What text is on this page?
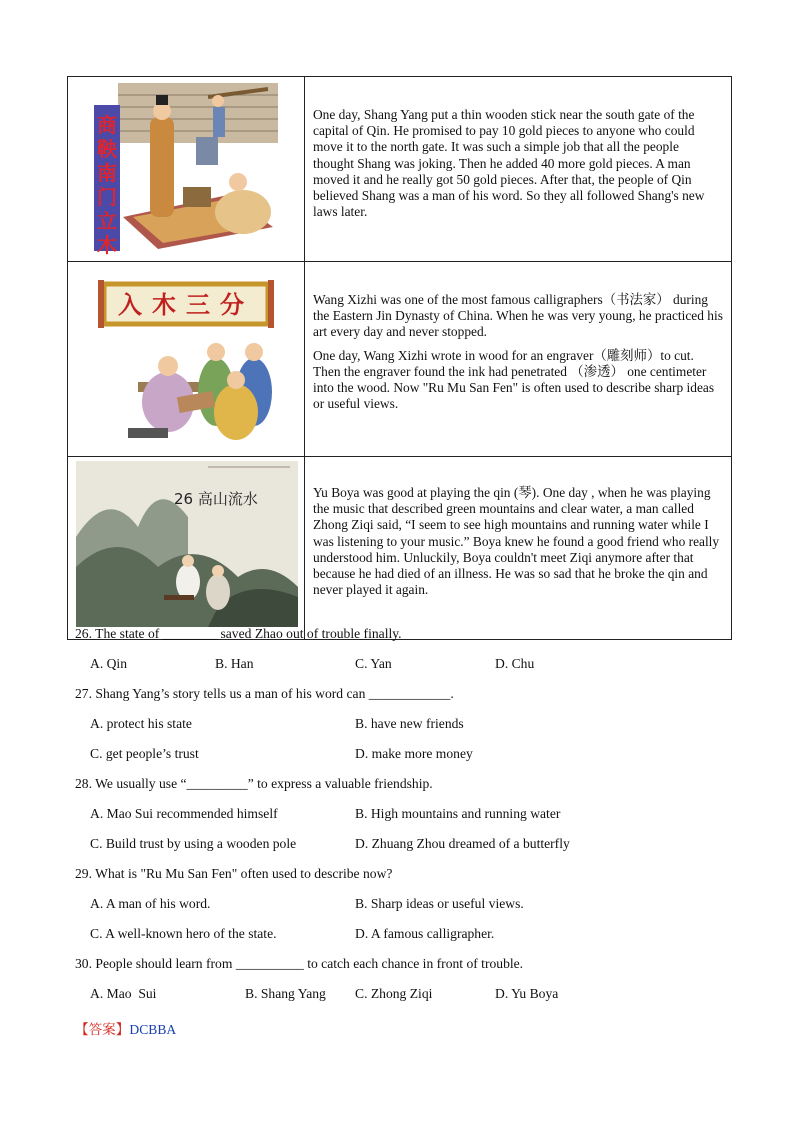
商鞅南门立木	One day, Shang Yang put a thin wooden stick near the south gate of the capital of Qin. He promised to pay 10 gold pieces to anyone who could move it to the north gate. It was such a simple job that all the people thought Shang was joking. Then he added 40 more gold pieces. A man moved it and he really got 50 gold pieces. After that, the people of Qin believed Shang was a man of his word. So they all followed Shang's new laws later.

入木三分	Wang Xizhi was one of the most famous calligraphers（书法家） during the Eastern Jin Dynasty of China. When he was very young, he practiced his art every day and never stopped.

One day, Wang Xizhi wrote in wood for an engraver（雕刻师）to cut. Then the engraver found the ink had penetrated （渗透） one centimeter into the wood. Now "Ru Mu San Fen" is often used to describe sharp ideas or useful views.

26 高山流水	Yu Boya was good at playing the qin (琴). One day , when he was playing the music that described green mountains and clear water, a man called Zhong Ziqi said, “I seem to see high mountains and running water while I was listening to your music.” Boya knew he found a good friend who really understood him. Unluckily, Boya couldn't meet Ziqi anymore after that because he had died of an illness. He was so sad that he broke the qin and never played it again.

26. The state of ________ saved Zhao out of trouble finally.
A. Qin	B. Han	C. Yan	D. Chu
27. Shang Yang’s story tells us a man of his word can ____________.
A. protect his state	B. have new friends
C. get people’s trust	D. make more money
28. We usually use “_________” to express a valuable friendship.
A. Mao Sui recommended himself	B. High mountains and running water
C. Build trust by using a wooden pole	D. Zhuang Zhou dreamed of a butterfly
29. What is "Ru Mu San Fen" often used to describe now?
A. A man of his word.	B. Sharp ideas or useful views.
C. A well-known hero of the state.	D. A famous calligrapher.
30. People should learn from __________ to catch each chance in front of trouble.
A. Mao  Sui	B. Shang Yang C. Zhong Ziqi	D. Yu Boya
【答案】DCBBA
